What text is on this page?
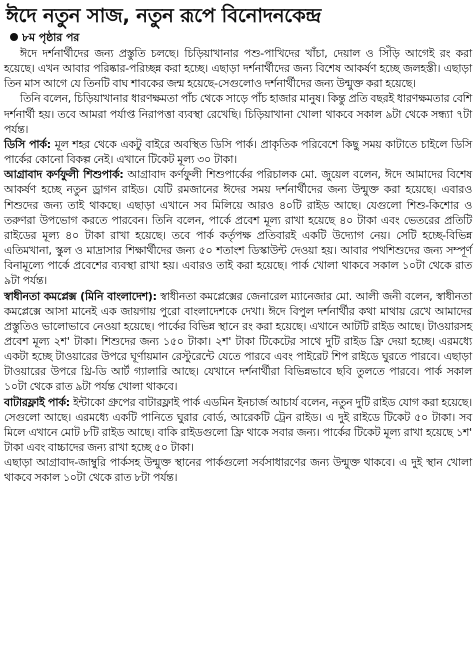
ঈদে নতুন সাজ, নতুন রূপে বিনোদনকেন্দ্র
৮ম পৃষ্ঠার পর

ঈদে দর্শনার্থীদের জন্য প্রস্তুতি চলছে। চিড়িয়াখানার পশু-পাখিদের খাঁচা, দেয়াল ও সিঁড়ি আগেই রং করা হয়েছে। এখন আবার পরিষ্কার-পরিচ্ছন্ন করা হচ্ছে। এছাড়া দর্শনার্থীদের জন্য বিশেষ আকর্ষণ হচ্ছে জলহস্তী। এছাড়া তিন মাস আগে যে তিনটি বাঘ শাবকের জন্ম হয়েছে-সেগুলোও দর্শনার্থীদের জন্য উন্মুক্ত করা হয়েছে।

তিনি বলেন, চিড়িয়াখানার ধারণক্ষমতা পাঁচ থেকে সাড়ে পাঁচ হাজার মানুষ। কিন্তু প্রতি বছরই ধারণক্ষমতার বেশি দর্শনার্থী হয়। তবে আমরা পর্যাপ্ত নিরাপত্তা ব্যবস্থা রেখেছি। চিড়িয়াখানা খোলা থাকবে সকাল ৯টা থেকে সন্ধ্যা ৭টা পর্যন্ত।

ডিসি পার্ক: মূল শহর থেকে একটু বাইরে অবস্থিত ডিসি পার্ক। প্রাকৃতিক পরিবেশে কিছু সময় কাটাতে চাইলে ডিসি পার্কের কোনো বিকল্প নেই। এখানে টিকেট মূল্য ৩০ টাকা।

আগ্রাবাদ কর্ণফুলী শিশুপার্ক: আগ্রাবাদ কর্ণফুলী শিশুপার্কের পরিচালক মো. জুয়েল বলেন, ঈদে আমাদের বিশেষ আকর্ষণ হচ্ছে নতুন ড্রাগন রাইড। যেটি রমজানের ঈদের সময় দর্শনার্থীদের জন্য উন্মুক্ত করা হয়েছে। এবারও শিশুদের জন্য তাই থাকছে। এছাড়া এখানে সব মিলিয়ে আরও ৪০টি রাইড আছে। যেগুলো শিশু-কিশোর ও তরুণরা উপভোগ করতে পারবেন। তিনি বলেন, পার্কে প্রবেশ মূল্য রাখা হয়েছে ৪০ টাকা এবং ভেতরের প্রতিটি রাইডের মূল্য ৪০ টাকা রাখা হয়েছে। তবে পার্ক কর্তৃপক্ষ প্রতিবারই একটি উদ্যোগ নেয়। সেটি হচ্ছে-বিভিন্ন এতিমখানা, স্কুল ও মাদ্রাসার শিক্ষার্থীদের জন্য ৫০ শতাংশ ডিস্কাউন্ট দেওয়া হয়। আবার পথশিশুদের জন্য সম্পূর্ণ বিনামূল্যে পার্কে প্রবেশের ব্যবস্থা রাখা হয়। এবারও তাই করা হয়েছে। পার্ক খোলা থাকবে সকাল ১০টা থেকে রাত ৯টা পর্যন্ত।

স্বাধীনতা কমপ্লেক্স (মিনি বাংলাদেশ): স্বাধীনতা কমপ্লেক্সের জেনারেল ম্যানেজার মো. আলী জনী বলেন, স্বাধীনতা কমপ্লেক্সে আসা মানেই এক জায়গায় পুরো বাংলাদেশকে দেখা। ঈদে বিপুল দর্শনার্থীর কথা মাথায় রেখে আমাদের প্রস্তুতিও ভালোভাবে নেওয়া হয়েছে। পার্কের বিভিন্ন স্থানে রং করা হয়েছে। এখানে আটটি রাইড আছে। টাওয়ারসহ প্রবেশ মূল্য ২শ' টাকা। শিশুদের জন্য ১৫০ টাকা। ২শ' টাকা টিকেটের সাথে দুটি রাইড ফ্রি দেয়া হচ্ছে। এরমধ্যে একটা হচ্ছে টাওয়ারের উপরে ঘূর্ণায়মান রেস্টুরেন্টে যেতে পারবে এবং পাইরেট শিপ রাইডে ঘুরতে পারবে। এছাড়া টাওয়ারের উপরে থ্রি-ডি আর্ট গ্যালারি আছে। যেখানে দর্শনার্থীরা বিভিন্নভাবে ছবি তুলতে পারবে। পার্ক সকাল ১০টা থেকে রাত ৯টা পর্যন্ত খোলা থাকবে।

বাটারফ্লাই পার্ক: ইন্টাকো গ্রুপের বাটারফ্লাই পার্ক এডমিন ইনচার্জ আচার্য বলেন, নতুন দুটি রাইড যোগ করা হয়েছে। সেগুলো আছে। এরমধ্যে একটি পানিতে ঘুরার বোর্ড, আরেকটি ট্রেন রাইড। এ দুই রাইডে টিকেট ৫০ টাকা। সব মিলে এখানে মোট ৮টি রাইড আছে। বাকি রাইডগুলো ফ্রি থাকে সবার জন্য। পার্কের টিকেট মূল্য রাখা হয়েছে ১শ' টাকা এবং বাচ্চাদের জন্য রাখা হচ্ছে ৫০ টাকা।

এছাড়া আগ্রাবাদ-জাম্বুরি পার্কসহ উন্মুক্ত স্থানের পার্কগুলো সর্বসাধারণের জন্য উন্মুক্ত থাকবে। এ দুই স্থান খোলা থাকবে সকাল ১০টা থেকে রাত ৮টা পর্যন্ত।
